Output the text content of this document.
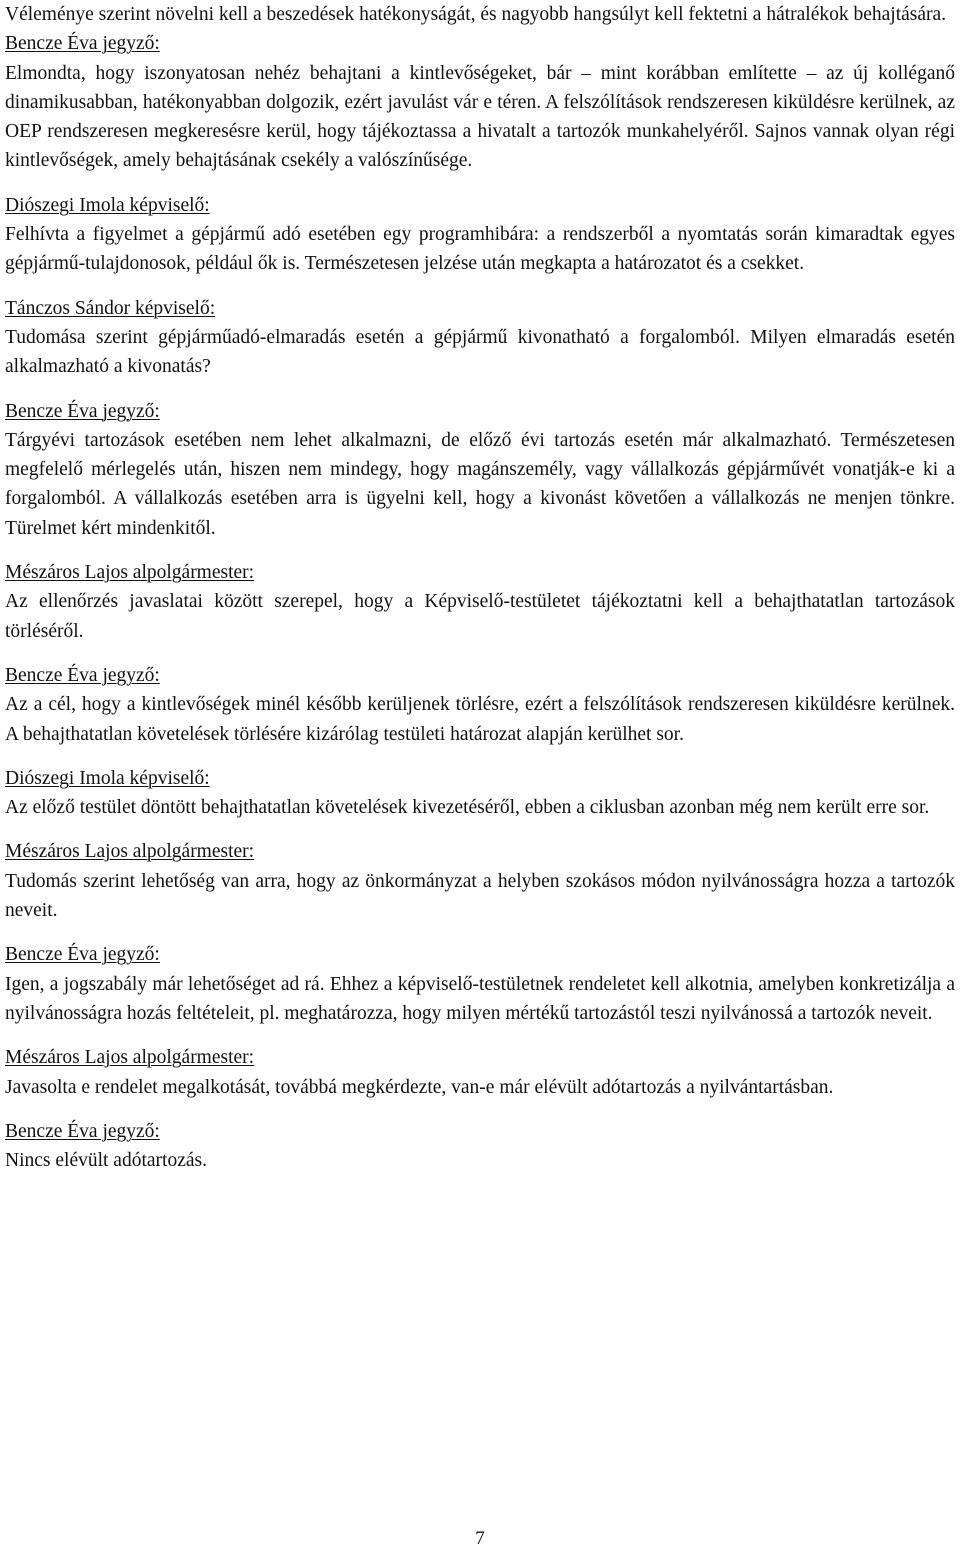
Véleménye szerint növelni kell a beszedések hatékonyságát, és nagyobb hangsúlyt kell fektetni a hátralékok behajtására.

Bencze Éva jegyző:

Elmondta, hogy iszonyatosan nehéz behajtani a kintlevőségeket, bár – mint korábban említette – az új kolléganő dinamikusabban, hatékonyabban dolgozik, ezért javulást vár e téren. A felszólítások rendszeresen kiküldésre kerülnek, az OEP rendszeresen megkeresésre kerül, hogy tájékoztassa a hivatalt a tartozók munkahelyéről. Sajnos vannak olyan régi kintlevőségek, amely behajtásának csekély a valószínűsége.

Diószegi Imola képviselő:

Felhívta a figyelmet a gépjármű adó esetében egy programhibára: a rendszerből a nyomtatás során kimaradtak egyes gépjármű-tulajdonosok, például ők is. Természetesen jelzése után megkapta a határozatot és a csekket.

Tánczos Sándor képviselő:

Tudomása szerint gépjárműadó-elmaradás esetén a gépjármű kivonatható a forgalomból. Milyen elmaradás esetén alkalmazható a kivonatás?

Bencze Éva jegyző:

Tárgyévi tartozások esetében nem lehet alkalmazni, de előző évi tartozás esetén már alkalmazható. Természetesen megfelelő mérlegelés után, hiszen nem mindegy, hogy magánszemély, vagy vállalkozás gépjárművét vonatják-e ki a forgalomból. A vállalkozás esetében arra is ügyelni kell, hogy a kivonást követően a vállalkozás ne menjen tönkre. Türelmet kért mindenkitől.

Mészáros Lajos alpolgármester:

Az ellenőrzés javaslatai között szerepel, hogy a Képviselő-testületet tájékoztatni kell a behajthatatlan tartozások törléséről.

Bencze Éva jegyző:

Az a cél, hogy a kintlevőségek minél később kerüljenek törlésre, ezért a felszólítások rendszeresen kiküldésre kerülnek. A behajthatatlan követelések törlésére kizárólag testületi határozat alapján kerülhet sor.

Diószegi Imola képviselő:

Az előző testület döntött behajthatatlan követelések kivezetéséről, ebben a ciklusban azonban még nem került erre sor.

Mészáros Lajos alpolgármester:

Tudomás szerint lehetőség van arra, hogy az önkormányzat a helyben szokásos módon nyilvánosságra hozza a tartozók neveit.

Bencze Éva jegyző:

Igen, a jogszabály már lehetőséget ad rá. Ehhez a képviselő-testületnek rendeletet kell alkotnia, amelyben konkretizálja a nyilvánosságra hozás feltételeit, pl. meghatározza, hogy milyen mértékű tartozástól teszi nyilvánossá a tartozók neveit.

Mészáros Lajos alpolgármester:

Javasolta e rendelet megalkotását, továbbá megkérdezte, van-e már elévült adótartozás a nyilvántartásban.

Bencze Éva jegyző:

Nincs elévült adótartozás.

7
